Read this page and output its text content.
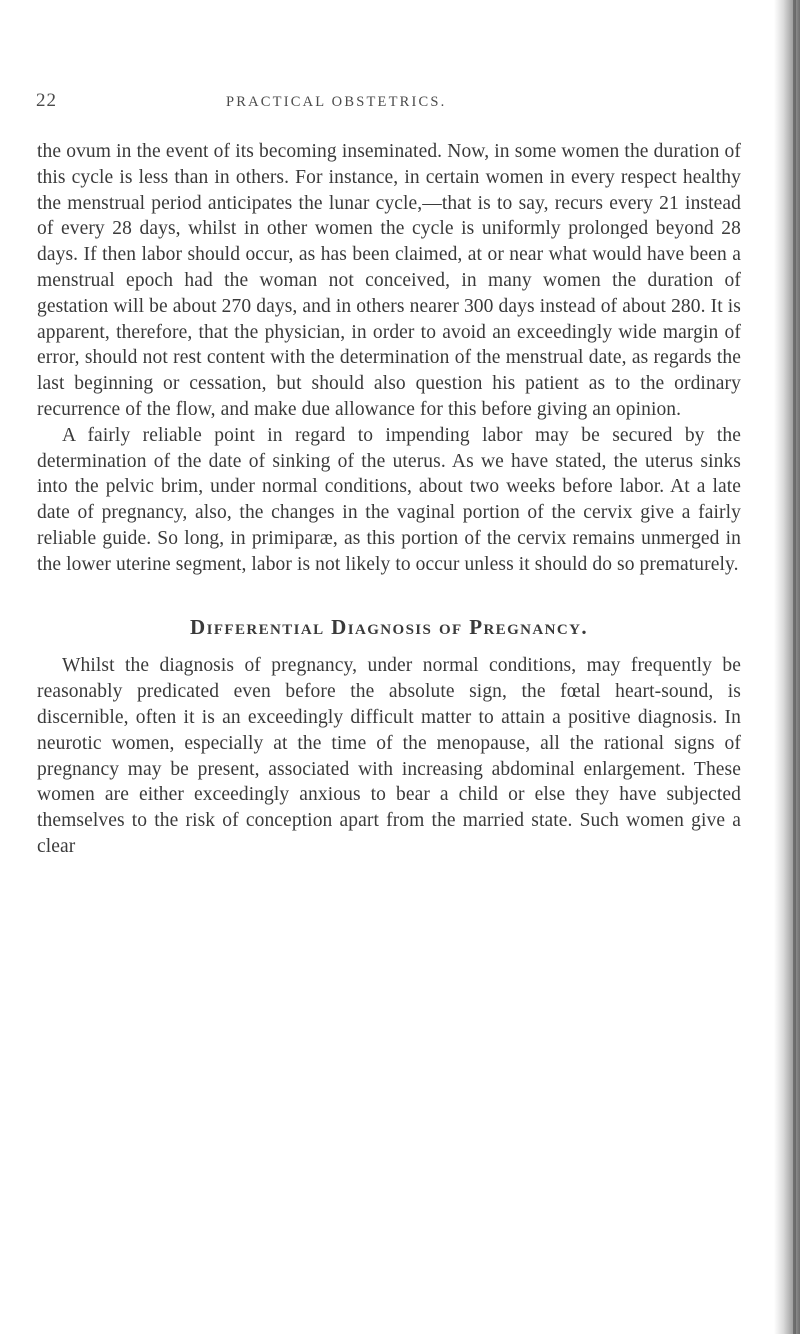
22	PRACTICAL OBSTETRICS.

the ovum in the event of its becoming inseminated. Now, in some women the duration of this cycle is less than in others. For instance, in certain women in every respect healthy the menstrual period anticipates the lunar cycle,—that is to say, recurs every 21 instead of every 28 days, whilst in other women the cycle is uniformly prolonged beyond 28 days. If then labor should occur, as has been claimed, at or near what would have been a menstrual epoch had the woman not conceived, in many women the duration of gestation will be about 270 days, and in others nearer 300 days instead of about 280. It is apparent, therefore, that the physician, in order to avoid an exceedingly wide margin of error, should not rest content with the determination of the menstrual date, as regards the last beginning or cessation, but should also question his patient as to the ordinary recurrence of the flow, and make due allowance for this before giving an opinion.

A fairly reliable point in regard to impending labor may be secured by the determination of the date of sinking of the uterus. As we have stated, the uterus sinks into the pelvic brim, under normal conditions, about two weeks before labor. At a late date of pregnancy, also, the changes in the vaginal portion of the cervix give a fairly reliable guide. So long, in primiparæ, as this portion of the cervix remains unmerged in the lower uterine segment, labor is not likely to occur unless it should do so prematurely.

Differential Diagnosis of Pregnancy.

Whilst the diagnosis of pregnancy, under normal conditions, may frequently be reasonably predicated even before the absolute sign, the fœtal heart-sound, is discernible, often it is an exceedingly difficult matter to attain a positive diagnosis. In neurotic women, especially at the time of the menopause, all the rational signs of pregnancy may be present, associated with increasing abdominal enlargement. These women are either exceedingly anxious to bear a child or else they have subjected themselves to the risk of conception apart from the married state. Such women give a clear
